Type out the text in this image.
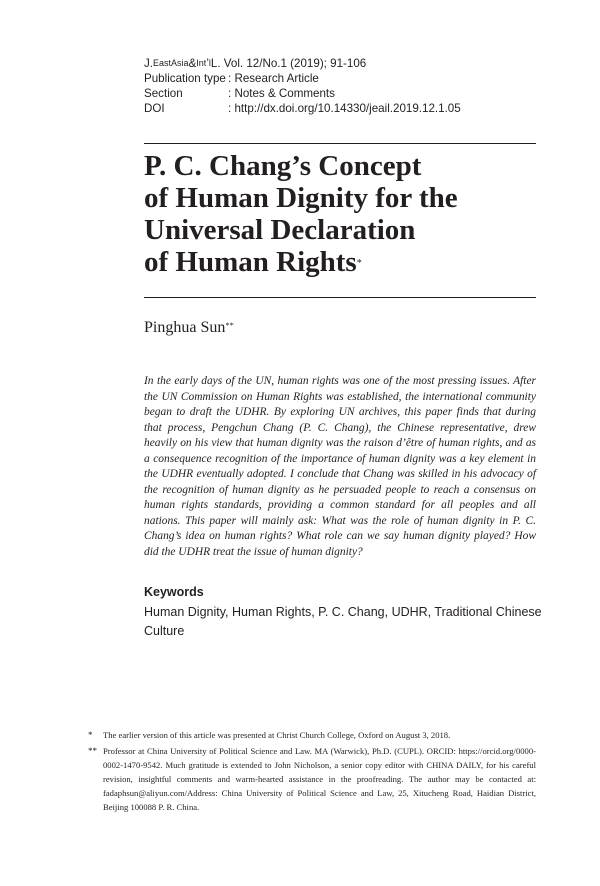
J. East Asia & Int ’ l L. Vol. 12/No.1 (2019); 91-106
Publication type : Research Article
Section	: Notes & Comments
DOI	: http://dx.doi.org/10.14330/jeail.2019.12.1.05
P. C. Chang’s Concept
of Human Dignity for the
Universal Declaration
of Human Rights*
Pinghua Sun**

In the early days of the UN, human rights was one of the most pressing issues. After the UN Commission on Human Rights was established, the international community began to draft the UDHR. By exploring UN archives, this paper finds that during that process, Pengchun Chang (P. C. Chang), the Chinese representative, drew heavily on his view that human dignity was the raison d’être of human rights, and as a consequence recognition of the importance of human dignity was a key element in the UDHR eventually adopted. I conclude that Chang was skilled in his advocacy of the recognition of human dignity as he persuaded people to reach a consensus on human rights standards, providing a common standard for all peoples and all nations. This paper will mainly ask: What was the role of human dignity in P. C. Chang’s idea on human rights? What role can we say human dignity played? How did the UDHR treat the issue of human dignity?

Keywords

Human Dignity, Human Rights, P. C. Chang, UDHR, Traditional Chinese Culture

*	The earlier version of this article was presented at Christ Church College, Oxford on August 3, 2018.
** Professor at China University of Political Science and Law. MA (Warwick), Ph.D. (CUPL). ORCID: https://orcid.org/0000-0002-1470-9542. Much gratitude is extended to John Nicholson, a senior copy editor with CHINA DAILY, for his careful revision, insightful comments and warm-hearted assistance in the proofreading. The author may be contacted at: fadaphsun@aliyun.com/Address: China University of Political Science and Law, 25, Xitucheng Road, Haidian District, Beijing 100088 P. R. China.
